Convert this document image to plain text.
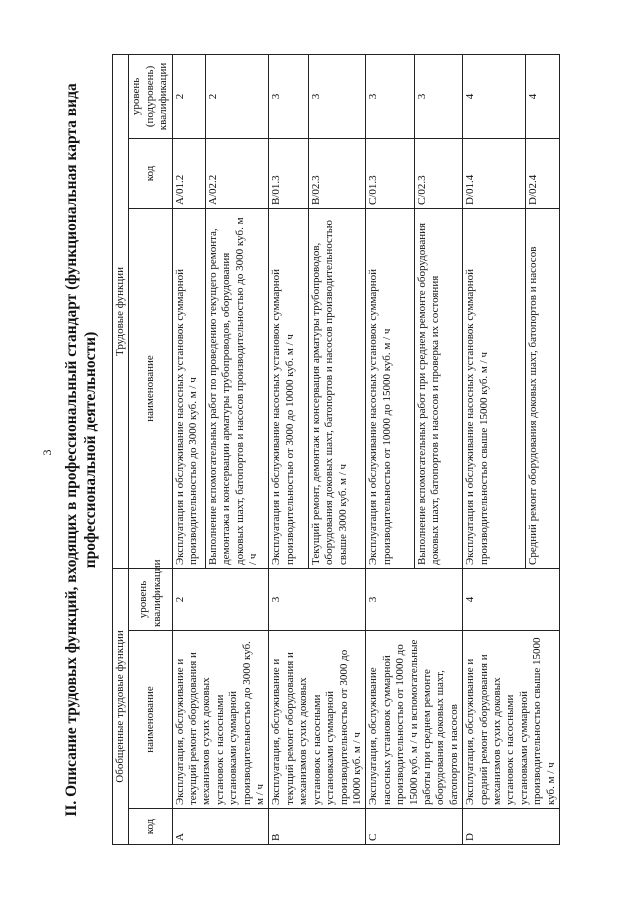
3 II. Описание трудовых функций, входящих в профессиональный стандарт (функциональная карта вида профессиональной деятельности)
Обобщенные трудовые функции			Трудовые функции		
код	наименование	уровень квалификации	наименование	код	уровень (подуровень) квалификации
A	Эксплуатация, обслуживание и текущий ремонт оборудования и механизмов сухих доковых установок с насосными установками суммарной производительностью до 3000 куб. м / ч	2	Эксплуатация и обслуживание насосных установок суммарной производительностью до 3000 куб. м / ч	A/01.2	2
			Выполнение вспомогательных работ по проведению текущего ремонта, демонтажа и консервации арматуры трубопроводов, оборудования доковых шахт, батопортов и насосов производительностью до 3000 куб. м / ч	A/02.2	2
B	Эксплуатация, обслуживание и текущий ремонт оборудования и механизмов сухих доковых установок с насосными установками суммарной производительностью от 3000 до 10000 куб. м / ч	3	Эксплуатация и обслуживание насосных установок суммарной производительностью от 3000 до 10000 куб. м / ч	B/01.3	3
			Текущий ремонт, демонтаж и консервация арматуры трубопроводов, оборудования доковых шахт, батопортов и насосов производительностью свыше 3000 куб. м / ч	B/02.3	3
C	Эксплуатация, обслуживание насосных установок суммарной производительностью от 10000 до 15000 куб. м / ч и вспомогательные работы при среднем ремонте оборудования доковых шахт, батопортов и насосов	3	Эксплуатация и обслуживание насосных установок суммарной производительностью от 10000 до 15000 куб. м / ч	C/01.3	3
			Выполнение вспомогательных работ при среднем ремонте оборудования доковых шахт, батопортов и насосов и проверка их состояния	C/02.3	3
D	Эксплуатация, обслуживание и средний ремонт оборудования и механизмов сухих доковых установок с насосными установками суммарной производительностью свыше 15000 куб. м / ч	4	Эксплуатация и обслуживание насосных установок суммарной производительностью свыше 15000 куб. м / ч	D/01.4	4
			Средний ремонт оборудования доковых шахт, батопортов и насосов	D/02.4	4
